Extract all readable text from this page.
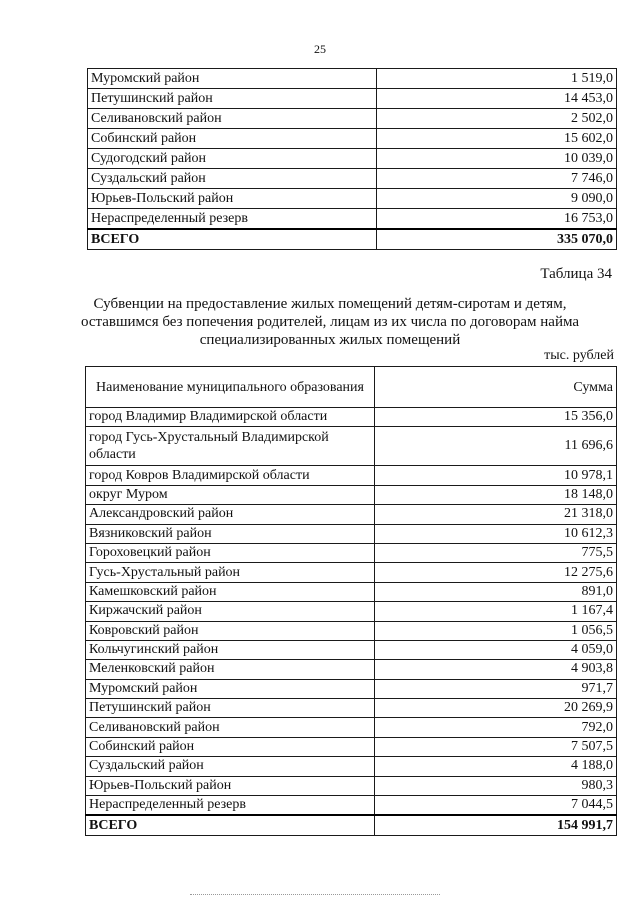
25
Муромский район	1 519,0
Петушинский район	14 453,0
Селивановский район	2 502,0
Собинский район	15 602,0
Судогодский район	10 039,0
Суздальский район	7 746,0
Юрьев-Польский район	9 090,0
Нераспределенный резерв	16 753,0
ВСЕГО	335 070,0
Таблица 34
Субвенции на предоставление жилых помещений детям-сиротам и детям, оставшимся без попечения родителей, лицам из их числа по договорам найма специализированных жилых помещений
тыс. рублей
Наименование муниципального образования	Сумма
город Владимир Владимирской области	15 356,0
город Гусь-Хрустальный Владимирской области	11 696,6
город Ковров Владимирской области	10 978,1
округ Муром	18 148,0
Александровский район	21 318,0
Вязниковский район	10 612,3
Гороховецкий район	775,5
Гусь-Хрустальный район	12 275,6
Камешковский район	891,0
Киржачский район	1 167,4
Ковровский район	1 056,5
Кольчугинский район	4 059,0
Меленковский район	4 903,8
Муромский район	971,7
Петушинский район	20 269,9
Селивановский район	792,0
Собинский район	7 507,5
Суздальский район	4 188,0
Юрьев-Польский район	980,3
Нераспределенный резерв	7 044,5
ВСЕГО	154 991,7
